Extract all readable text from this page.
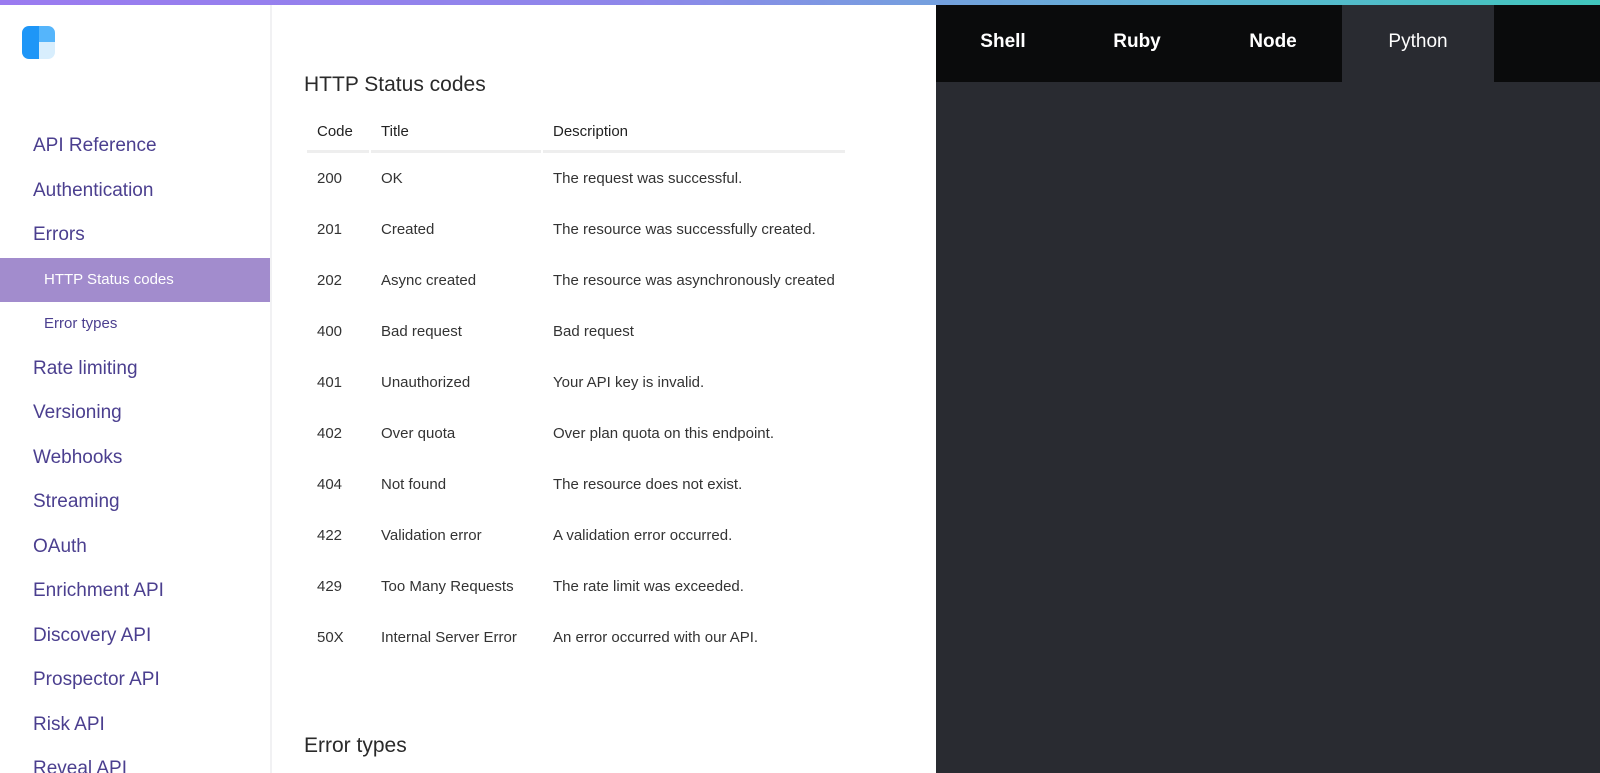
API Reference
Authentication
Errors
HTTP Status codes
Error types
Rate limiting
Versioning
Webhooks
Streaming
OAuth
Enrichment API
Discovery API
Prospector API
Risk API
Reveal API
HTTP Status codes
Code	Title	Description
200	OK	The request was successful.
201	Created	The resource was successfully created.
202	Async created	The resource was asynchronously created
400	Bad request	Bad request
401	Unauthorized	Your API key is invalid.
402	Over quota	Over plan quota on this endpoint.
404	Not found	The resource does not exist.
422	Validation error	A validation error occurred.
429	Too Many Requests	The rate limit was exceeded.
50X	Internal Server Error	An error occurred with our API.
Error types
Shell	Ruby	Node	Python
